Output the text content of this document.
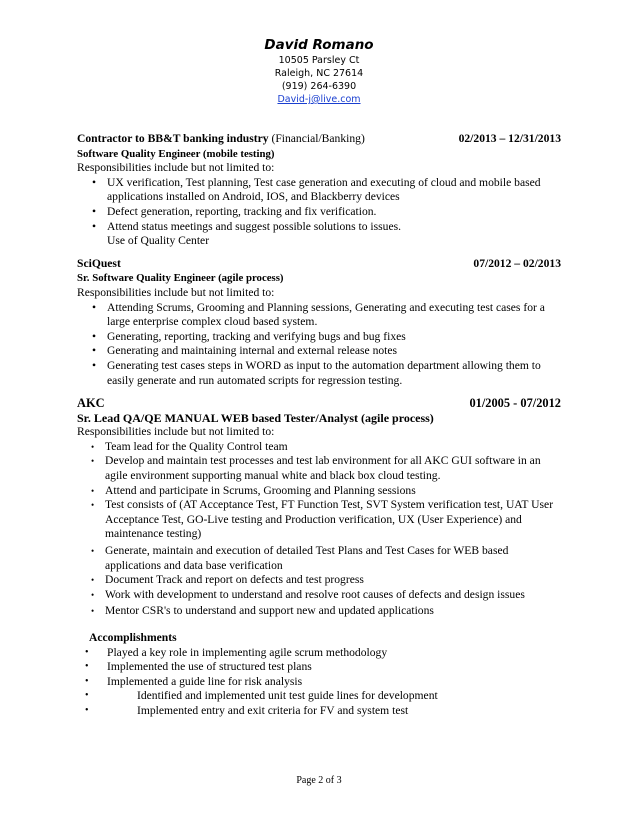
David Romano
10505 Parsley Ct
Raleigh, NC 27614
(919) 264-6390
David-j@live.com
Contractor to BB&T banking industry (Financial/Banking)	02/2013 – 12/31/2013
Software Quality Engineer (mobile testing)
Responsibilities include but not limited to:
• UX verification, Test planning, Test case generation and executing of cloud and mobile based applications installed on Android, IOS, and Blackberry devices
• Defect generation, reporting, tracking and fix verification.
• Attend status meetings and suggest possible solutions to issues.
Use of Quality Center
SciQuest	07/2012 – 02/2013
Sr. Software Quality Engineer (agile process)
Responsibilities include but not limited to:
• Attending Scrums, Grooming and Planning sessions, Generating and executing test cases for a large enterprise complex cloud based system.
• Generating, reporting, tracking and verifying bugs and bug fixes
• Generating and maintaining internal and external release notes
• Generating test cases steps in WORD as input to the automation department allowing them to easily generate and run automated scripts for regression testing.
AKC	01/2005 - 07/2012
Sr. Lead QA/QE MANUAL WEB based Tester/Analyst (agile process)
Responsibilities include but not limited to:
• Team lead for the Quality Control team
• Develop and maintain test processes and test lab environment for all AKC GUI software in an agile environment supporting manual white and black box cloud testing.
• Attend and participate in Scrums, Grooming and Planning sessions
• Test consists of (AT Acceptance Test, FT Function Test, SVT System verification test, UAT User Acceptance Test, GO-Live testing and Production verification, UX (User Experience) and maintenance testing)
• Generate, maintain and execution of detailed Test Plans and Test Cases for WEB based applications and data base verification
• Document Track and report on defects and test progress
• Work with development to understand and resolve root causes of defects and design issues
• Mentor CSR's to understand and support new and updated applications
Accomplishments
• Played a key role in implementing agile scrum methodology
• Implemented the use of structured test plans
• Implemented a guide line for risk analysis
• Identified and implemented unit test guide lines for development
• Implemented entry and exit criteria for FV and system test
Page 2 of 3
